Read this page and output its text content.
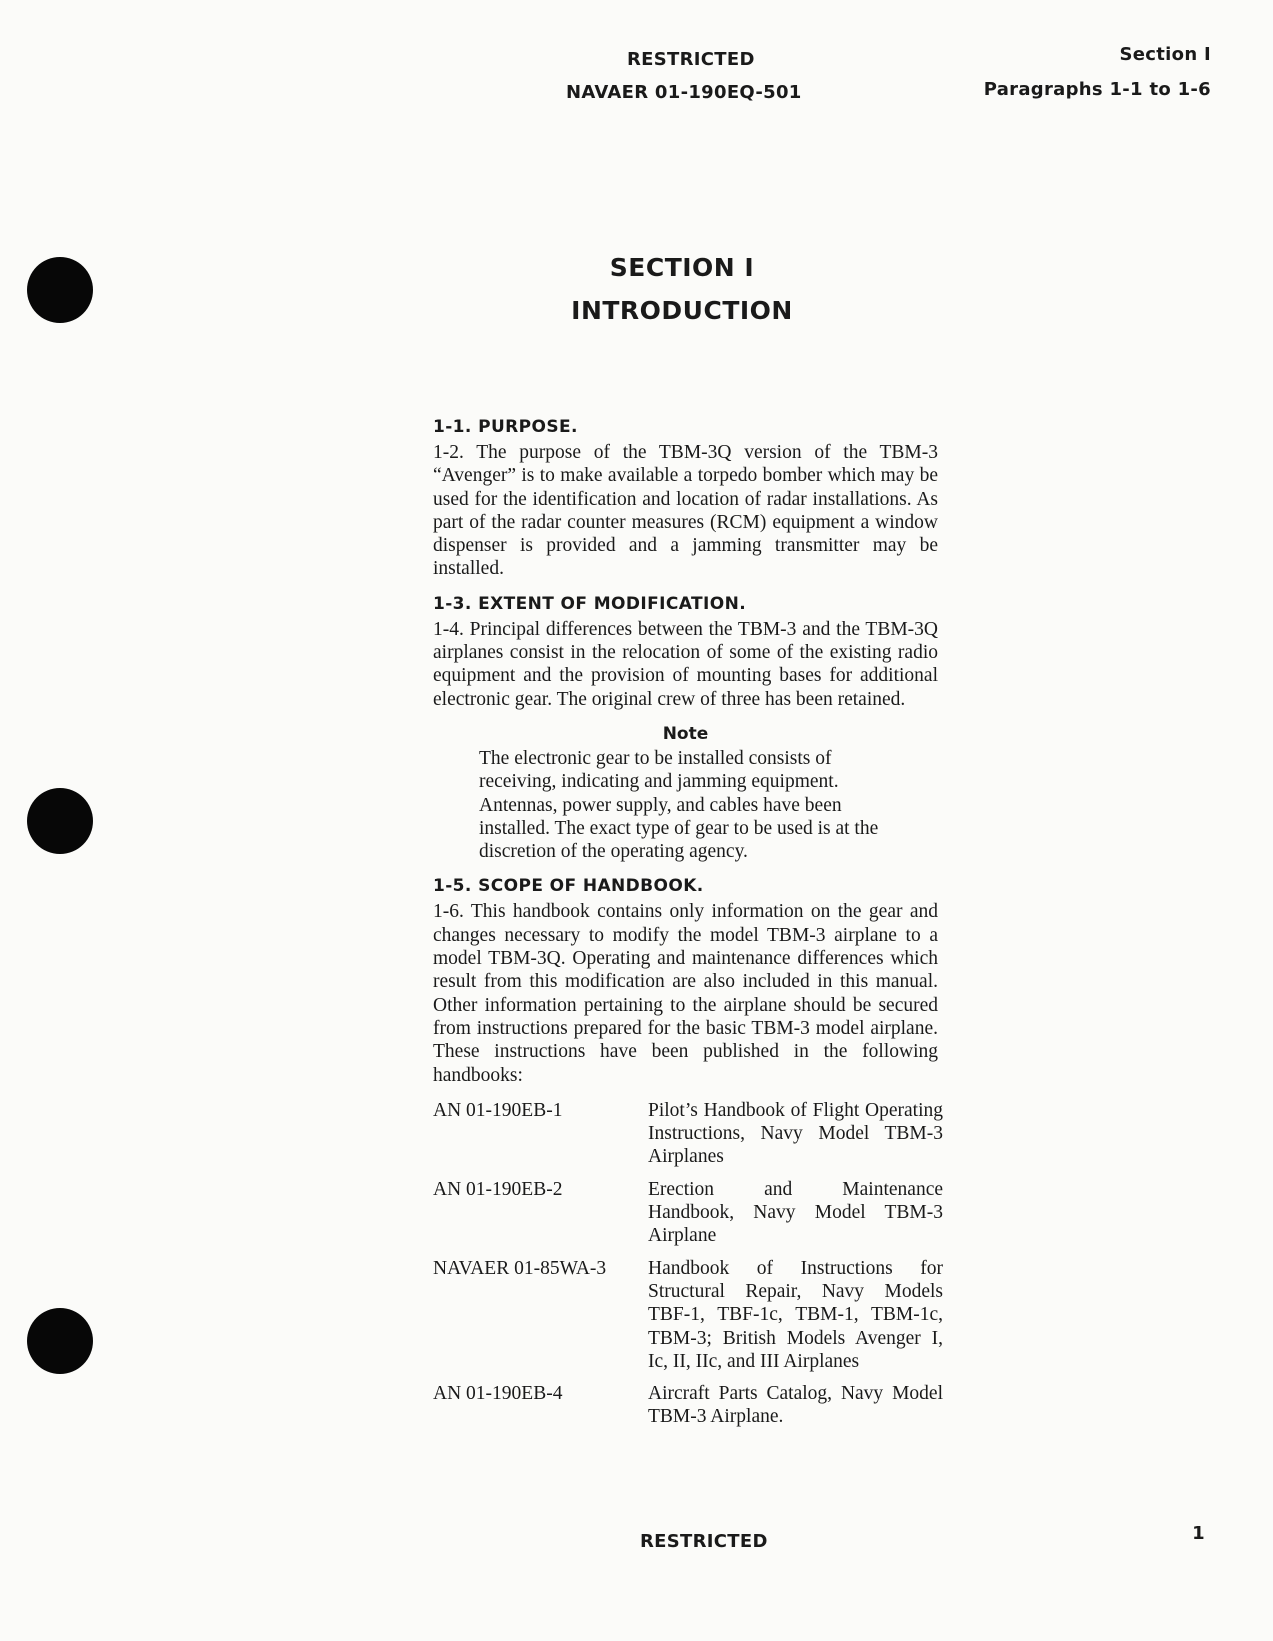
RESTRICTED
NAVAER 01-190EQ-501
Section I
Paragraphs 1-1 to 1-6
SECTION I
INTRODUCTION
1-1. PURPOSE.

1-2. The purpose of the TBM-3Q version of the TBM-3 “Avenger” is to make available a torpedo bomber which may be used for the identification and location of radar installations. As part of the radar counter measures (RCM) equipment a window dispenser is provided and a jamming transmitter may be installed.

1-3. EXTENT OF MODIFICATION.

1-4. Principal differences between the TBM-3 and the TBM-3Q airplanes consist in the relocation of some of the existing radio equipment and the provision of mounting bases for additional electronic gear. The original crew of three has been retained.

Note

The electronic gear to be installed consists of receiving, indicating and jamming equipment. Antennas, power supply, and cables have been installed. The exact type of gear to be used is at the discretion of the operating agency.

1-5. SCOPE OF HANDBOOK.

1-6. This handbook contains only information on the gear and changes necessary to modify the model TBM-3 airplane to a model TBM-3Q. Operating and maintenance differences which result from this modification are also included in this manual. Other information pertaining to the airplane should be secured from instructions prepared for the basic TBM-3 model airplane. These instructions have been published in the following handbooks:

AN 01-190EB-1	Pilot’s Handbook of Flight Operating Instructions, Navy Model TBM-3 Airplanes
AN 01-190EB-2	Erection and Maintenance Handbook, Navy Model TBM-3 Airplane
NAVAER 01-85WA-3	Handbook of Instructions for Structural Repair, Navy Models TBF-1, TBF-1c, TBM-1, TBM-1c, TBM-3; British Models Avenger I, Ic, II, IIc, and III Airplanes
AN 01-190EB-4	Aircraft Parts Catalog, Navy Model TBM-3 Airplane.
RESTRICTED	1
